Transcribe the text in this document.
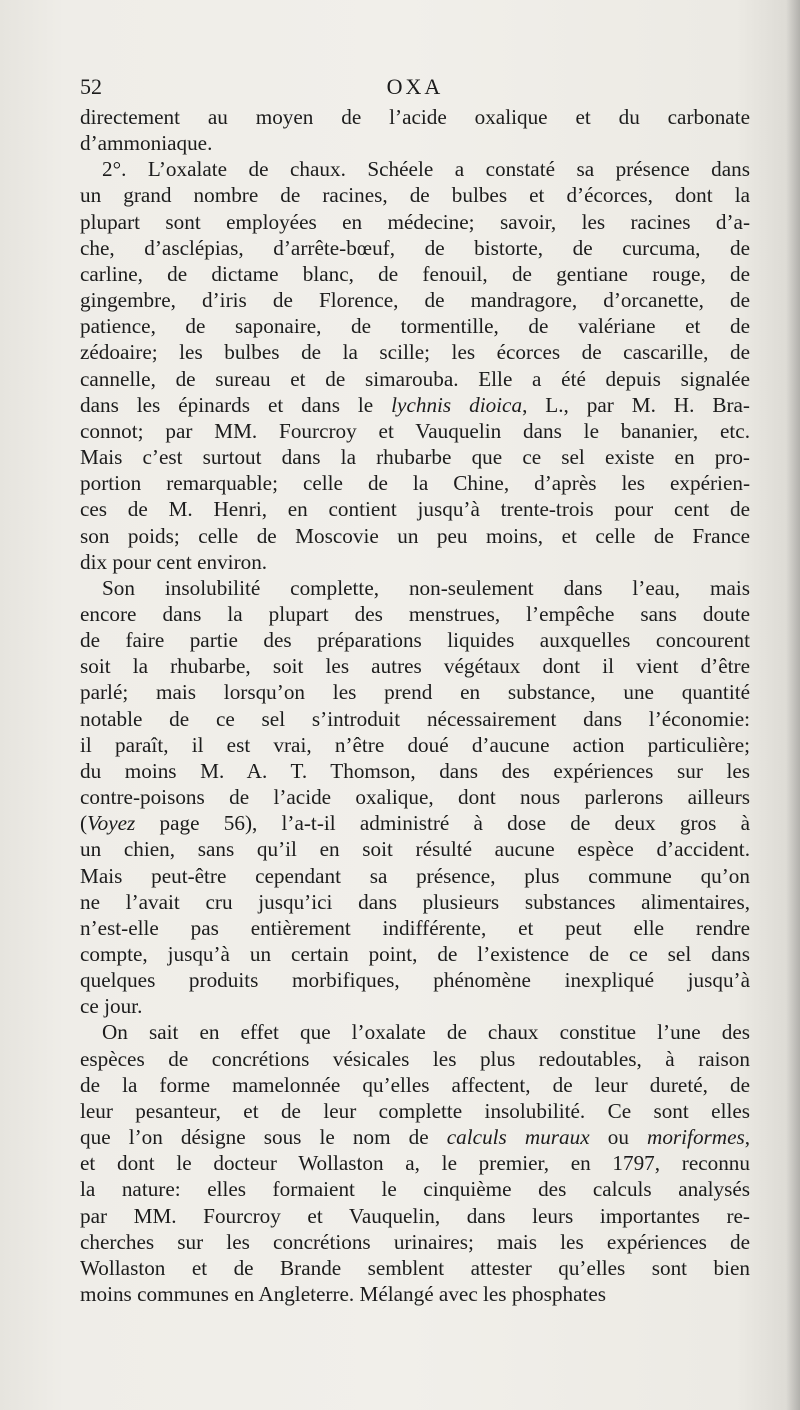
52	OXA
directement au moyen de l’acide oxalique et du carbonate
d’ammoniaque.
2°. L’oxalate de chaux. Schéele a constaté sa présence dans
un grand nombre de racines, de bulbes et d’écorces, dont la
plupart sont employées en médecine; savoir, les racines d’a-
che, d’asclépias, d’arrête-bœuf, de bistorte, de curcuma, de
carline, de dictame blanc, de fenouil, de gentiane rouge, de
gingembre, d’iris de Florence, de mandragore, d’orcanette, de
patience, de saponaire, de tormentille, de valériane et de
zédoaire; les bulbes de la scille; les écorces de cascarille, de
cannelle, de sureau et de simarouba. Elle a été depuis signalée
dans les épinards et dans le lychnis dioica, L., par M. H. Bra-
connot; par MM. Fourcroy et Vauquelin dans le bananier, etc.
Mais c’est surtout dans la rhubarbe que ce sel existe en pro-
portion remarquable; celle de la Chine, d’après les expérien-
ces de M. Henri, en contient jusqu’à trente-trois pour cent de
son poids; celle de Moscovie un peu moins, et celle de France
dix pour cent environ.
Son insolubilité complette, non-seulement dans l’eau, mais
encore dans la plupart des menstrues, l’empêche sans doute
de faire partie des préparations liquides auxquelles concourent
soit la rhubarbe, soit les autres végétaux dont il vient d’être
parlé; mais lorsqu’on les prend en substance, une quantité
notable de ce sel s’introduit nécessairement dans l’économie:
il paraît, il est vrai, n’être doué d’aucune action particulière;
du moins M. A. T. Thomson, dans des expériences sur les
contre-poisons de l’acide oxalique, dont nous parlerons ailleurs
(Voyez page 56), l’a-t-il administré à dose de deux gros à
un chien, sans qu’il en soit résulté aucune espèce d’accident.
Mais peut-être cependant sa présence, plus commune qu’on
ne l’avait cru jusqu’ici dans plusieurs substances alimentaires,
n’est-elle pas entièrement indifférente, et peut elle rendre
compte, jusqu’à un certain point, de l’existence de ce sel dans
quelques produits morbifiques, phénomène inexpliqué jusqu’à
ce jour.
On sait en effet que l’oxalate de chaux constitue l’une des
espèces de concrétions vésicales les plus redoutables, à raison
de la forme mamelonnée qu’elles affectent, de leur dureté, de
leur pesanteur, et de leur complette insolubilité. Ce sont elles
que l’on désigne sous le nom de calculs muraux ou moriformes,
et dont le docteur Wollaston a, le premier, en 1797, reconnu
la nature: elles formaient le cinquième des calculs analysés
par MM. Fourcroy et Vauquelin, dans leurs importantes re-
cherches sur les concrétions urinaires; mais les expériences de
Wollaston et de Brande semblent attester qu’elles sont bien
moins communes en Angleterre. Mélangé avec les phosphates
